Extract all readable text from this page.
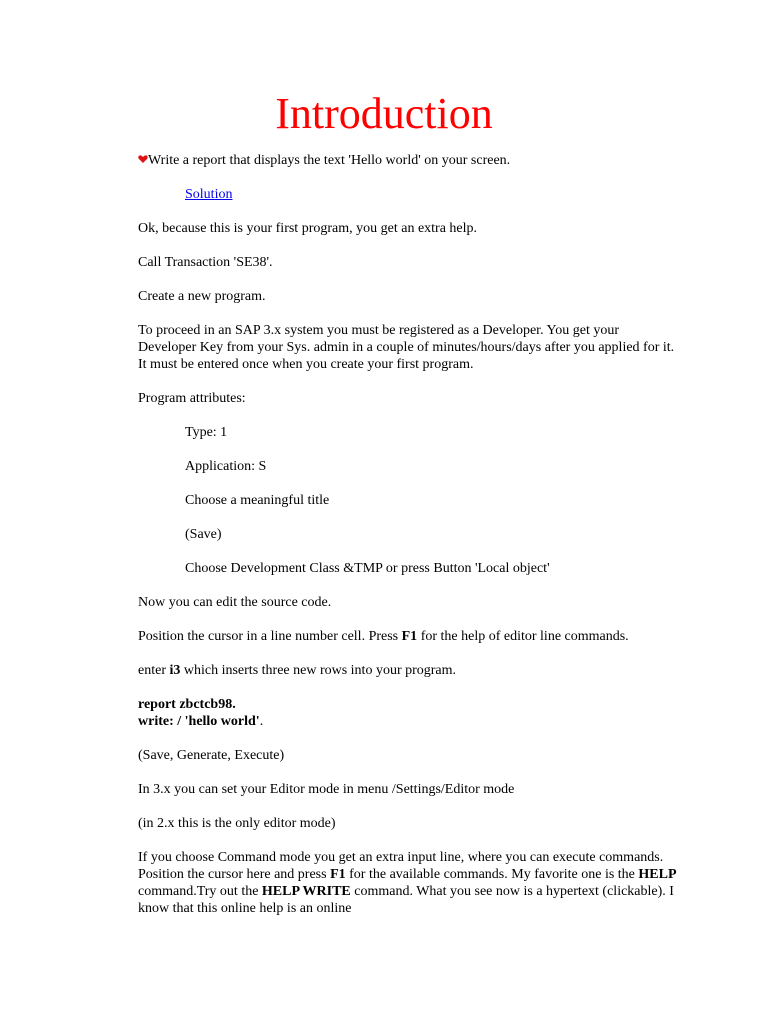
Introduction

Write a report that displays the text 'Hello world' on your screen.

Solution

Ok, because this is your first program, you get an extra help.

Call Transaction 'SE38'.

Create a new program.

To proceed in an SAP 3.x system you must be registered as a Developer. You get your Developer Key from your Sys. admin in a couple of minutes/hours/days after you applied for it. It must be entered once when you create your first program.

Program attributes:

Type: 1

Application: S

Choose a meaningful title

(Save)

Choose Development Class &TMP or press Button 'Local object'

Now you can edit the source code.

Position the cursor in a line number cell. Press F1 for the help of editor line commands.

enter i3 which inserts three new rows into your program.

report zbctcb98.
write: / 'hello world'.

(Save, Generate, Execute)

In 3.x you can set your Editor mode in menu /Settings/Editor mode

(in 2.x this is the only editor mode)

If you choose Command mode you get an extra input line, where you can execute commands. Position the cursor here and press F1 for the available commands. My favorite one is the HELP command.Try out the HELP WRITE command. What you see now is a hypertext (clickable). I know that this online help is an online
